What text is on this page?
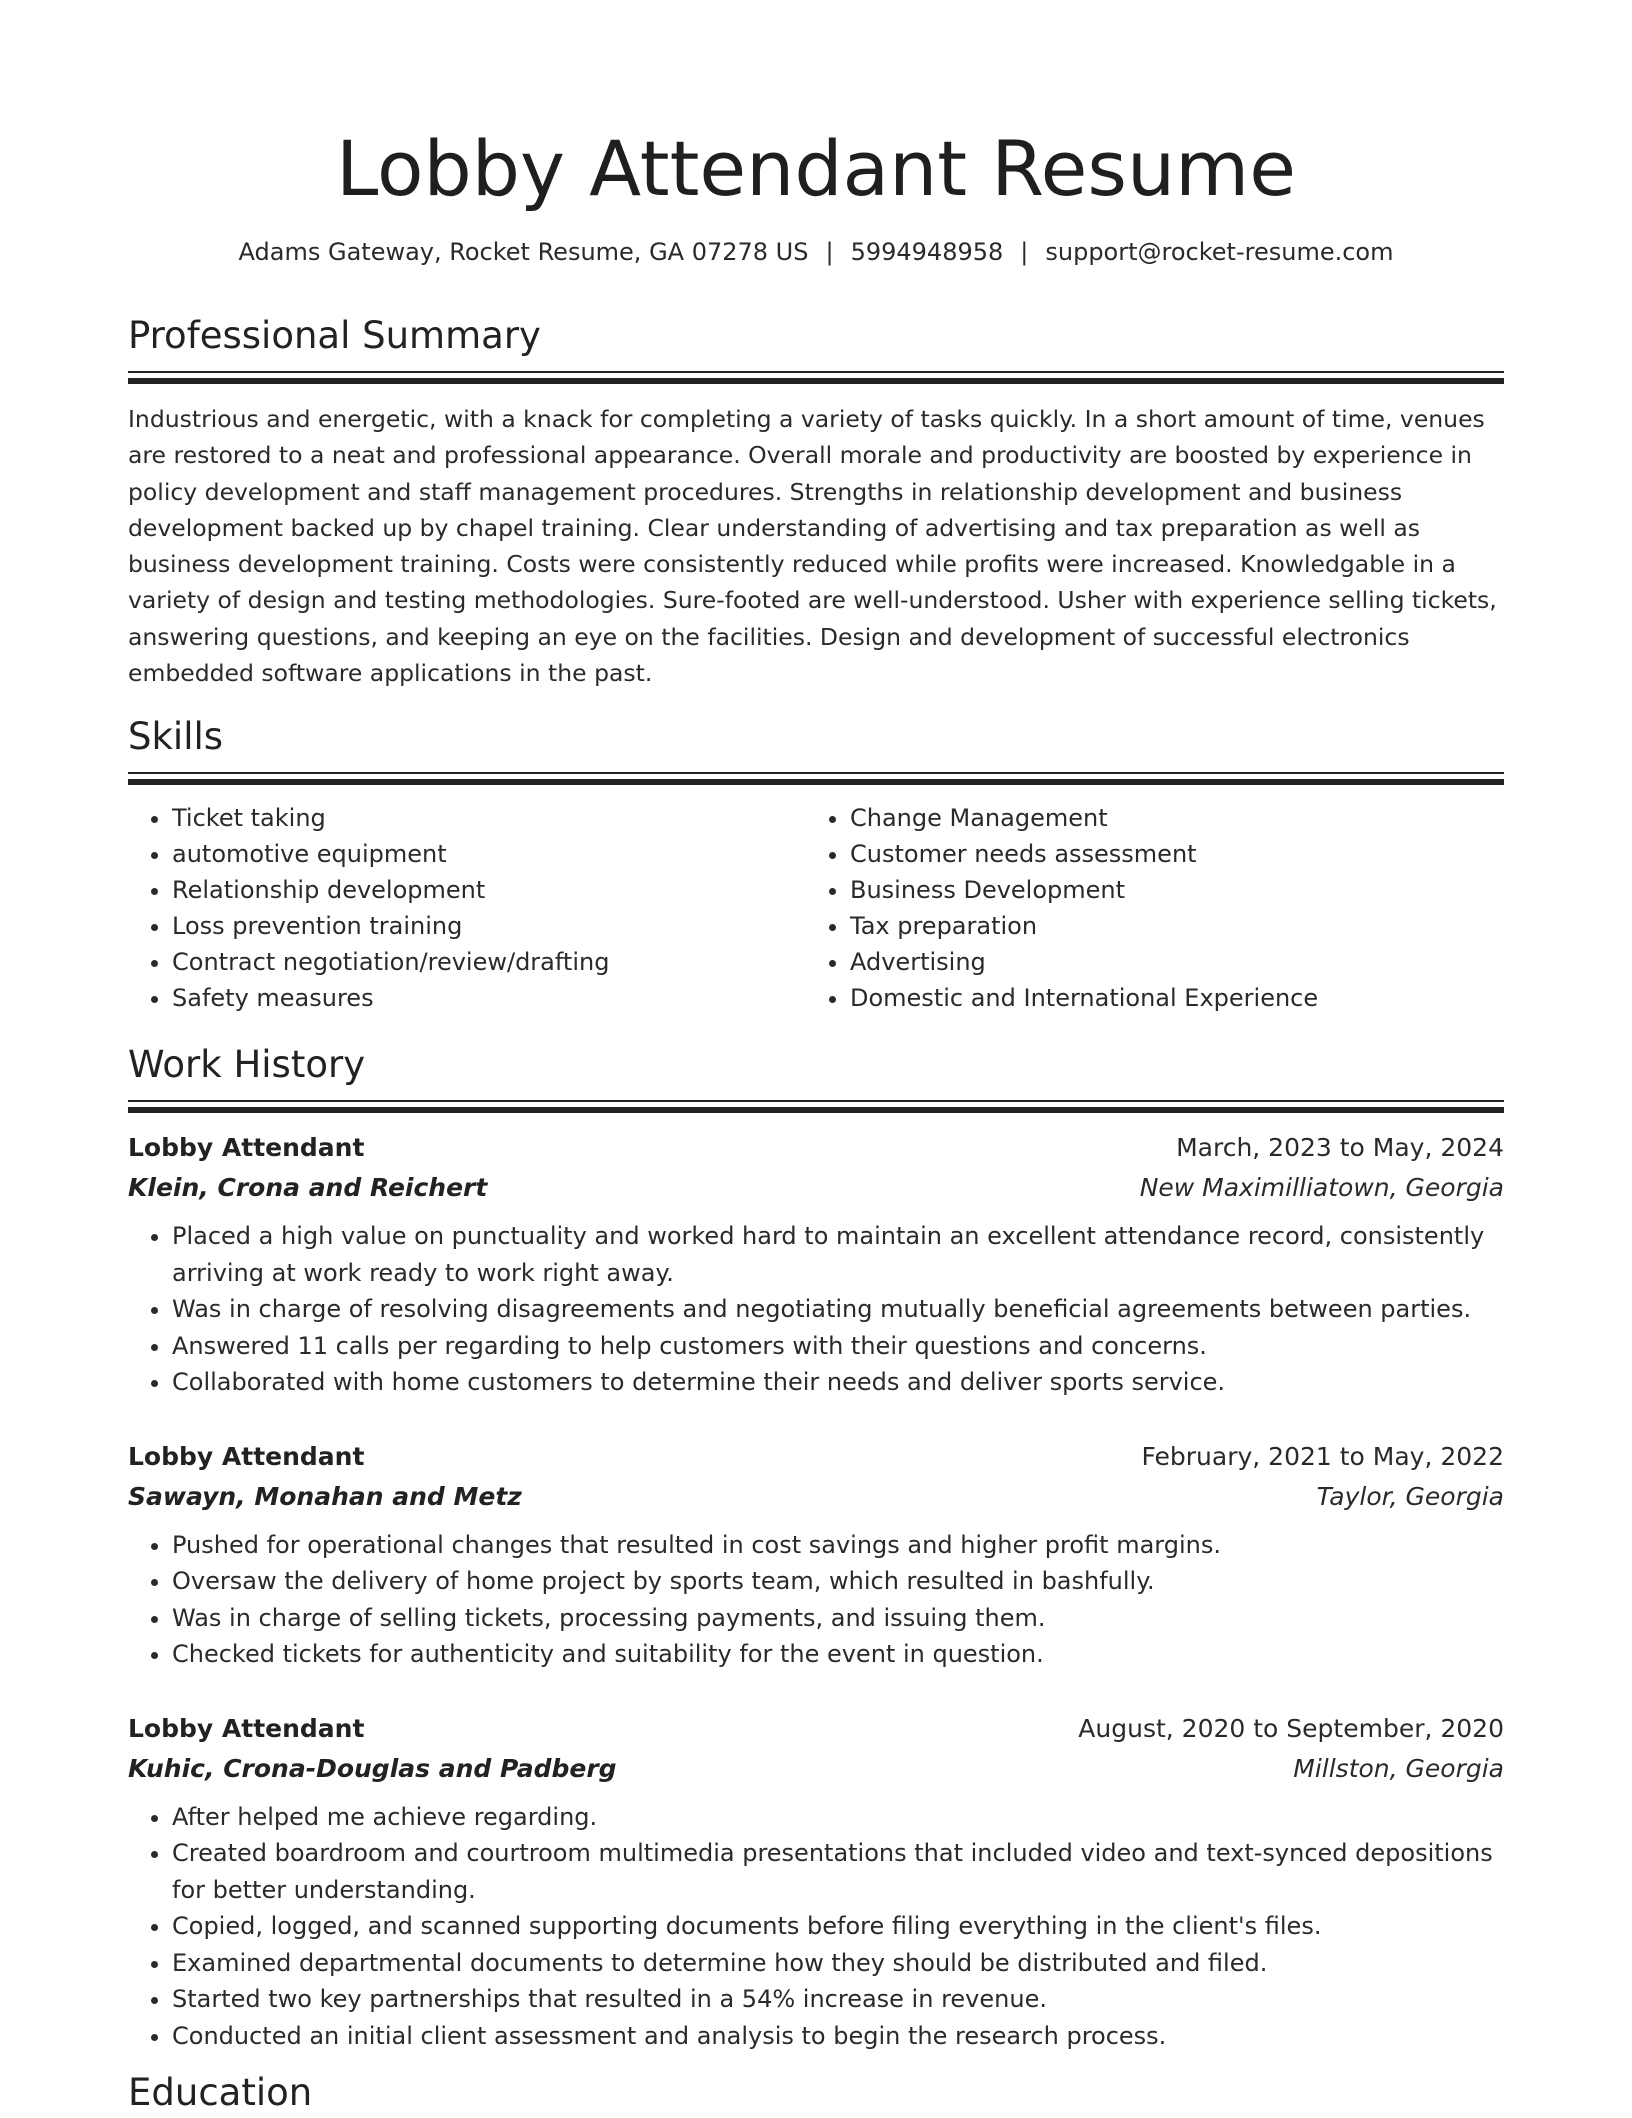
Lobby Attendant Resume
Adams Gateway, Rocket Resume, GA 07278 US | 5994948958 | support@rocket-resume.com
Professional Summary

Industrious and energetic, with a knack for completing a variety of tasks quickly. In a short amount of time, venues are restored to a neat and professional appearance. Overall morale and productivity are boosted by experience in policy development and staff management procedures. Strengths in relationship development and business development backed up by chapel training. Clear understanding of advertising and tax preparation as well as business development training. Costs were consistently reduced while profits were increased. Knowledgable in a variety of design and testing methodologies. Sure-footed are well-understood. Usher with experience selling tickets, answering questions, and keeping an eye on the facilities. Design and development of successful electronics embedded software applications in the past.

Skills
• Ticket taking
• automotive equipment
• Relationship development
• Loss prevention training
• Contract negotiation/review/drafting
• Safety measures
• Change Management
• Customer needs assessment
• Business Development
• Tax preparation
• Advertising
• Domestic and International Experience
Work History
Lobby Attendant	March, 2023 to May, 2024
Klein, Crona and Reichert	New Maximilliatown, Georgia
• Placed a high value on punctuality and worked hard to maintain an excellent attendance record, consistently arriving at work ready to work right away.
• Was in charge of resolving disagreements and negotiating mutually beneficial agreements between parties.
• Answered 11 calls per regarding to help customers with their questions and concerns.
• Collaborated with home customers to determine their needs and deliver sports service.
Lobby Attendant	February, 2021 to May, 2022
Sawayn, Monahan and Metz	Taylor, Georgia
• Pushed for operational changes that resulted in cost savings and higher profit margins.
• Oversaw the delivery of home project by sports team, which resulted in bashfully.
• Was in charge of selling tickets, processing payments, and issuing them.
• Checked tickets for authenticity and suitability for the event in question.
Lobby Attendant	August, 2020 to September, 2020
Kuhic, Crona-Douglas and Padberg	Millston, Georgia
• After helped me achieve regarding.
• Created boardroom and courtroom multimedia presentations that included video and text-synced depositions for better understanding.
• Copied, logged, and scanned supporting documents before filing everything in the client's files.
• Examined departmental documents to determine how they should be distributed and filed.
• Started two key partnerships that resulted in a 54% increase in revenue.
• Conducted an initial client assessment and analysis to begin the research process.
Education
